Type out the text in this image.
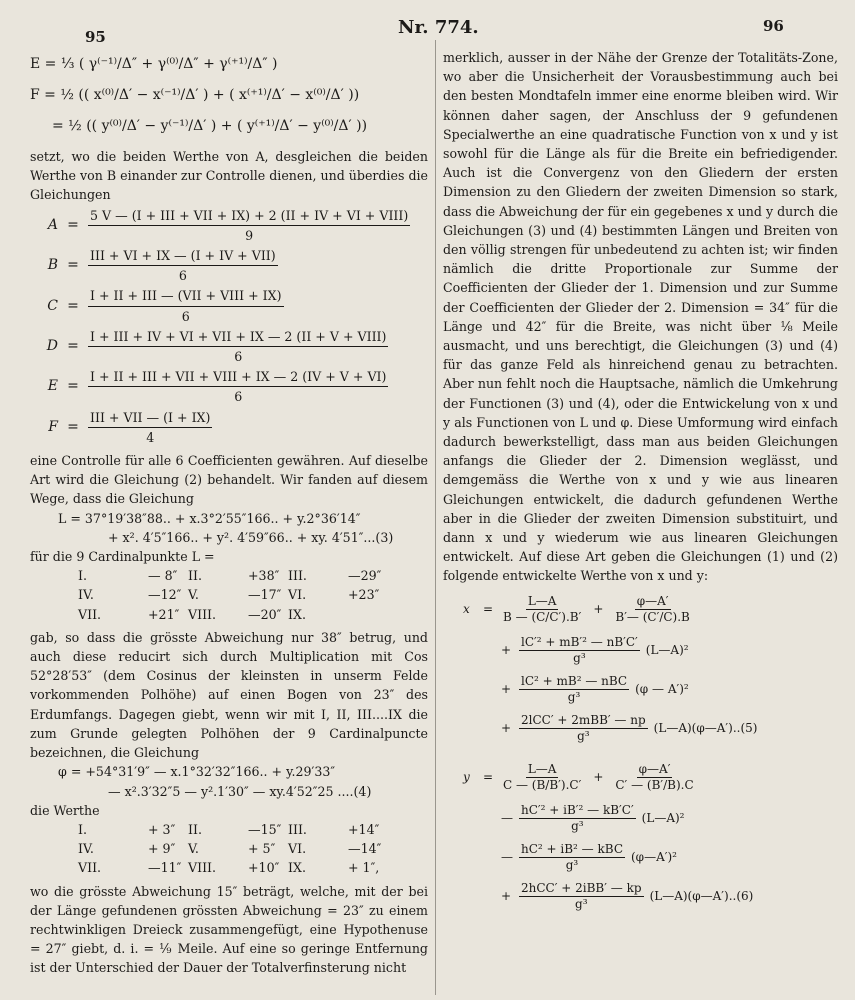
95	Nr. 774.	96
E = ⅓ ( γ⁽⁻¹⁾/Δ″ + γ⁽⁰⁾/Δ″ + γ⁽⁺¹⁾/Δ″ )
F = ½ (( x⁽⁰⁾/Δ′ − x⁽⁻¹⁾/Δ′ ) + ( x⁽⁺¹⁾/Δ′ − x⁽⁰⁾/Δ′ ))
= ½ (( y⁽⁰⁾/Δ′ − y⁽⁻¹⁾/Δ′ ) + ( y⁽⁺¹⁾/Δ′ − y⁽⁰⁾/Δ′ ))
setzt, wo die beiden Werthe von A, desgleichen die beiden Werthe von B einander zur Controlle dienen, und überdies die Gleichungen
$A = \frac{\text{5 V — (I + III + VII + IX) + 2 (II + IV + VI + VIII)}}{9}$
$B = \frac{\text{III + VI + IX — (I + IV + VII)}}{6}$
$C = \frac{\text{I + II + III — (VII + VIII + IX)}}{6}$
$D = \frac{\text{I + III + IV + VI + VII + IX — 2 (II + V + VIII)}}{6}$
$E = \frac{\text{I + II + III + VII + VIII + IX — 2 (IV + V + VI)}}{6}$
$F = \frac{\text{III + VII — (I + IX)}}{4}$
eine Controlle für alle 6 Coefficienten gewähren. Auf dieselbe Art wird die Gleichung (2) behandelt. Wir fanden auf diesem Wege, dass die Gleichung
L = 37°19′38″88.. + x.3°2′55″166.. + y.2°36′14″
+ x². 4′5″166.. + y². 4′59″66.. + xy. 4′51″...(3)
für die 9 Cardinalpunkte L =
I.	— 8″ II.	+38″ III.	—29″
IV.	—12″ V.	—17″ VI.	+23″
VII.	+21″ VIII.	—20″ IX.
gab, so dass die grösste Abweichung nur 38″ betrug, und auch diese reducirt sich durch Multiplication mit Cos 52°28′53″ (dem Cosinus der kleinsten in unserm Felde vorkommenden Polhöhe) auf einen Bogen von 23″ des Erdumfangs. Dagegen giebt, wenn wir mit I, II, III....IX die zum Grunde gelegten Polhöhen der 9 Cardinalpuncte bezeichnen, die Gleichung
φ = +54°31′9″ — x.1°32′32″166.. + y.29′33″
— x².3′32″5 — y².1′30″ — xy.4′52″25 ....(4)
die Werthe
I.	+ 3″	II.	—15″ III.	+14″
IV.	+ 9″	V.	+ 5″	VI.	—14″
VII.	—11″ VIII.	+10″ IX.	+ 1″,
wo die grösste Abweichung 15″ beträgt, welche, mit der bei der Länge gefundenen grössten Abweichung = 23″ zu einem rechtwinkligen Dreieck zusammengefügt, eine Hypothenuse = 27″ giebt, d. i. = ⅑ Meile. Auf eine so geringe Entfernung ist der Unterschied der Dauer der Totalverfinsterung nicht
merklich, ausser in der Nähe der Grenze der Totalitäts-Zone, wo aber die Unsicherheit der Vorausbestimmung auch bei den besten Mondtafeln immer eine enorme bleiben wird. Wir können daher sagen, der Anschluss der 9 gefundenen Specialwerthe an eine quadratische Function von x und y ist sowohl für die Länge als für die Breite ein befriedigender. Auch ist die Convergenz von den Gliedern der ersten Dimension zu den Gliedern der zweiten Dimension so stark, dass die Abweichung der für ein gegebenes x und y durch die Gleichungen (3) und (4) bestimmten Längen und Breiten von den völlig strengen für unbedeutend zu achten ist; wir finden nämlich die dritte Proportionale zur Summe der Coefficienten der Glieder der 1. Dimension und zur Summe der Coefficienten der Glieder der 2. Dimension = 34″ für die Länge und 42″ für die Breite, was nicht über ⅛ Meile ausmacht, und uns berechtigt, die Gleichungen (3) und (4) für das ganze Feld als hinreichend genau zu betrachten. Aber nun fehlt noch die Hauptsache, nämlich die Umkehrung der Functionen (3) und (4), oder die Entwickelung von x und y als Functionen von L und φ. Diese Umformung wird einfach dadurch bewerkstelligt, dass man aus beiden Gleichungen anfangs die Glieder der 2. Dimension weglässt, und demgemäss die Werthe von x und y wie aus linearen Gleichungen entwickelt, die dadurch gefundenen Werthe aber in die Glieder der zweiten Dimension substituirt, und dann x und y wiederum wie aus linearen Gleichungen entwickelt. Auf diese Art geben die Gleichungen (1) und (2) folgende entwickelte Werthe von x und y:
x	= $\frac{L—A}{B — (C/C').B'} + \frac{\varphi—A'}{B'— (C'/C).B}$
+ $\frac{\text{lC′² + mB′² — nB′C′}}{\text{g³}}$ (L—A)²
+ $\frac{\text{lC² + mB² — nBC}}{\text{g³}} (\varphi$ — A′)²
+ $\frac{\text{2lCC′ + 2mBB′ — np}}{\text{g³}}$ (L—A)(φ—A′)..(5)
y	= $\frac{L—A}{C — (B/B').C'} + \frac{\varphi—A'}{C' — (B'/B).C}$
— $\frac{\text{hC′² + iB′² — kB′C′}}{\text{g³}}$ (L—A)²
— $\frac{\text{hC² + iB² — kBC}}{\text{g³}}$ (φ—A′)²
+ $\frac{\text{2hCC′ + 2iBB′ — kp}}{\text{g³}}$ (L—A)(φ—A′)..(6)
